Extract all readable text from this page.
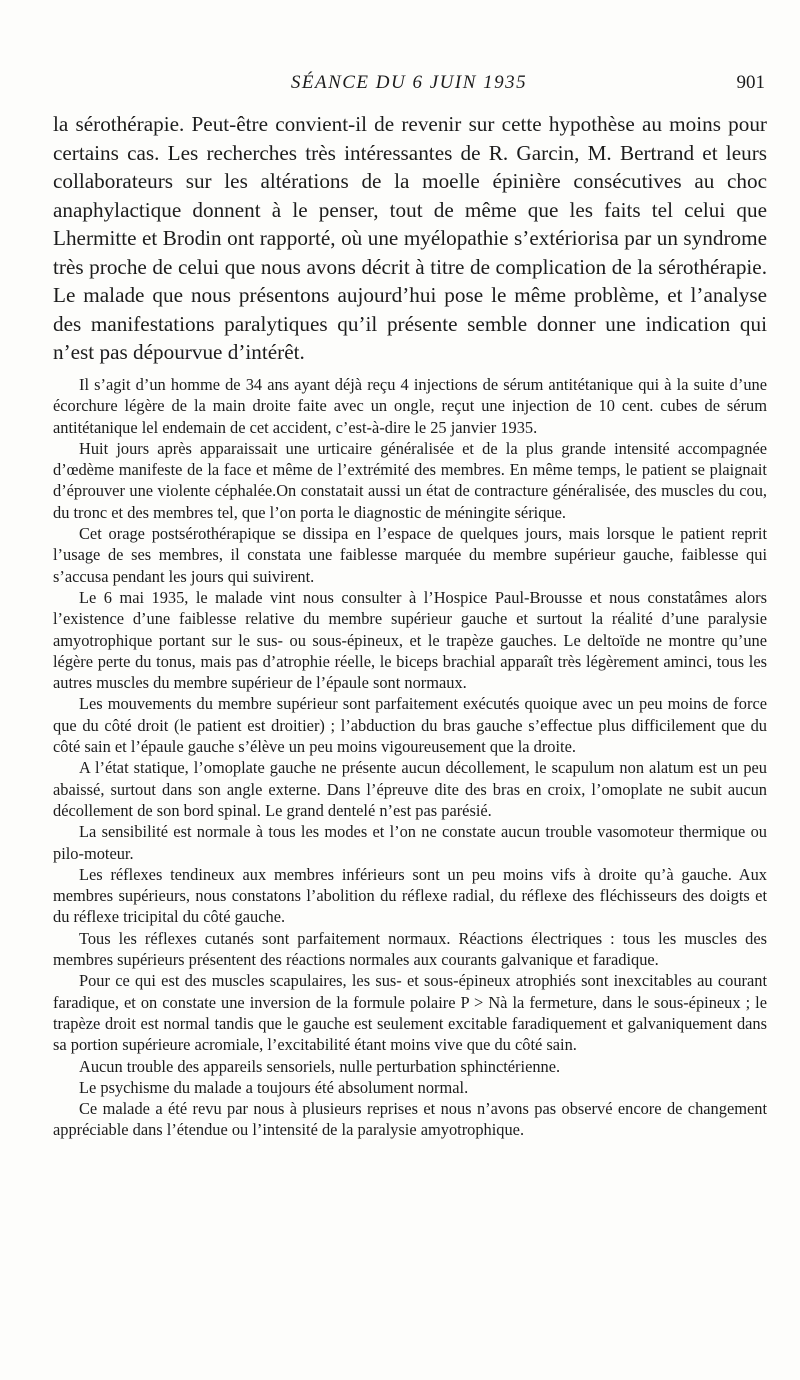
SÉANCE DU 6 JUIN 1935	901

la sérothérapie. Peut-être convient-il de revenir sur cette hypothèse au moins pour certains cas. Les recherches très intéressantes de R. Garcin, M. Bertrand et leurs collaborateurs sur les altérations de la moelle épinière consécutives au choc anaphylactique donnent à le penser, tout de même que les faits tel celui que Lhermitte et Brodin ont rapporté, où une myélopathie s’extériorisa par un syndrome très proche de celui que nous avons décrit à titre de complication de la sérothérapie. Le malade que nous présentons aujourd’hui pose le même problème, et l’analyse des manifestations paralytiques qu’il présente semble donner une indication qui n’est pas dépourvue d’intérêt.

Il s’agit d’un homme de 34 ans ayant déjà reçu 4 injections de sérum antitétanique qui à la suite d’une écorchure légère de la main droite faite avec un ongle, reçut une injection de 10 cent. cubes de sérum antitétanique lel endemain de cet accident, c’est-à-dire le 25 janvier 1935.

Huit jours après apparaissait une urticaire généralisée et de la plus grande intensité accompagnée d’œdème manifeste de la face et même de l’extrémité des membres. En même temps, le patient se plaignait d’éprouver une violente céphalée.On constatait aussi un état de contracture généralisée, des muscles du cou, du tronc et des membres tel, que l’on porta le diagnostic de méningite sérique.

Cet orage postsérothérapique se dissipa en l’espace de quelques jours, mais lorsque le patient reprit l’usage de ses membres, il constata une faiblesse marquée du membre supérieur gauche, faiblesse qui s’accusa pendant les jours qui suivirent.

Le 6 mai 1935, le malade vint nous consulter à l’Hospice Paul-Brousse et nous constatâmes alors l’existence d’une faiblesse relative du membre supérieur gauche et surtout la réalité d’une paralysie amyotrophique portant sur le sus- ou sous-épineux, et le trapèze gauches. Le deltoïde ne montre qu’une légère perte du tonus, mais pas d’atrophie réelle, le biceps brachial apparaît très légèrement aminci, tous les autres muscles du membre supérieur de l’épaule sont normaux.

Les mouvements du membre supérieur sont parfaitement exécutés quoique avec un peu moins de force que du côté droit (le patient est droitier) ; l’abduction du bras gauche s’effectue plus difficilement que du côté sain et l’épaule gauche s’élève un peu moins vigoureusement que la droite.

A l’état statique, l’omoplate gauche ne présente aucun décollement, le scapulum non alatum est un peu abaissé, surtout dans son angle externe. Dans l’épreuve dite des bras en croix, l’omoplate ne subit aucun décollement de son bord spinal. Le grand dentelé n’est pas parésié.

La sensibilité est normale à tous les modes et l’on ne constate aucun trouble vasomoteur thermique ou pilo-moteur.

Les réflexes tendineux aux membres inférieurs sont un peu moins vifs à droite qu’à gauche. Aux membres supérieurs, nous constatons l’abolition du réflexe radial, du réflexe des fléchisseurs des doigts et du réflexe tricipital du côté gauche.

Tous les réflexes cutanés sont parfaitement normaux. Réactions électriques : tous les muscles des membres supérieurs présentent des réactions normales aux courants galvanique et faradique.

Pour ce qui est des muscles scapulaires, les sus- et sous-épineux atrophiés sont inexcitables au courant faradique, et on constate une inversion de la formule polaire P > Nà la fermeture, dans le sous-épineux ; le trapèze droit est normal tandis que le gauche est seulement excitable faradiquement et galvaniquement dans sa portion supérieure acromiale, l’excitabilité étant moins vive que du côté sain.

Aucun trouble des appareils sensoriels, nulle perturbation sphinctérienne.

Le psychisme du malade a toujours été absolument normal.

Ce malade a été revu par nous à plusieurs reprises et nous n’avons pas observé encore de changement appréciable dans l’étendue ou l’intensité de la paralysie amyotrophique.
